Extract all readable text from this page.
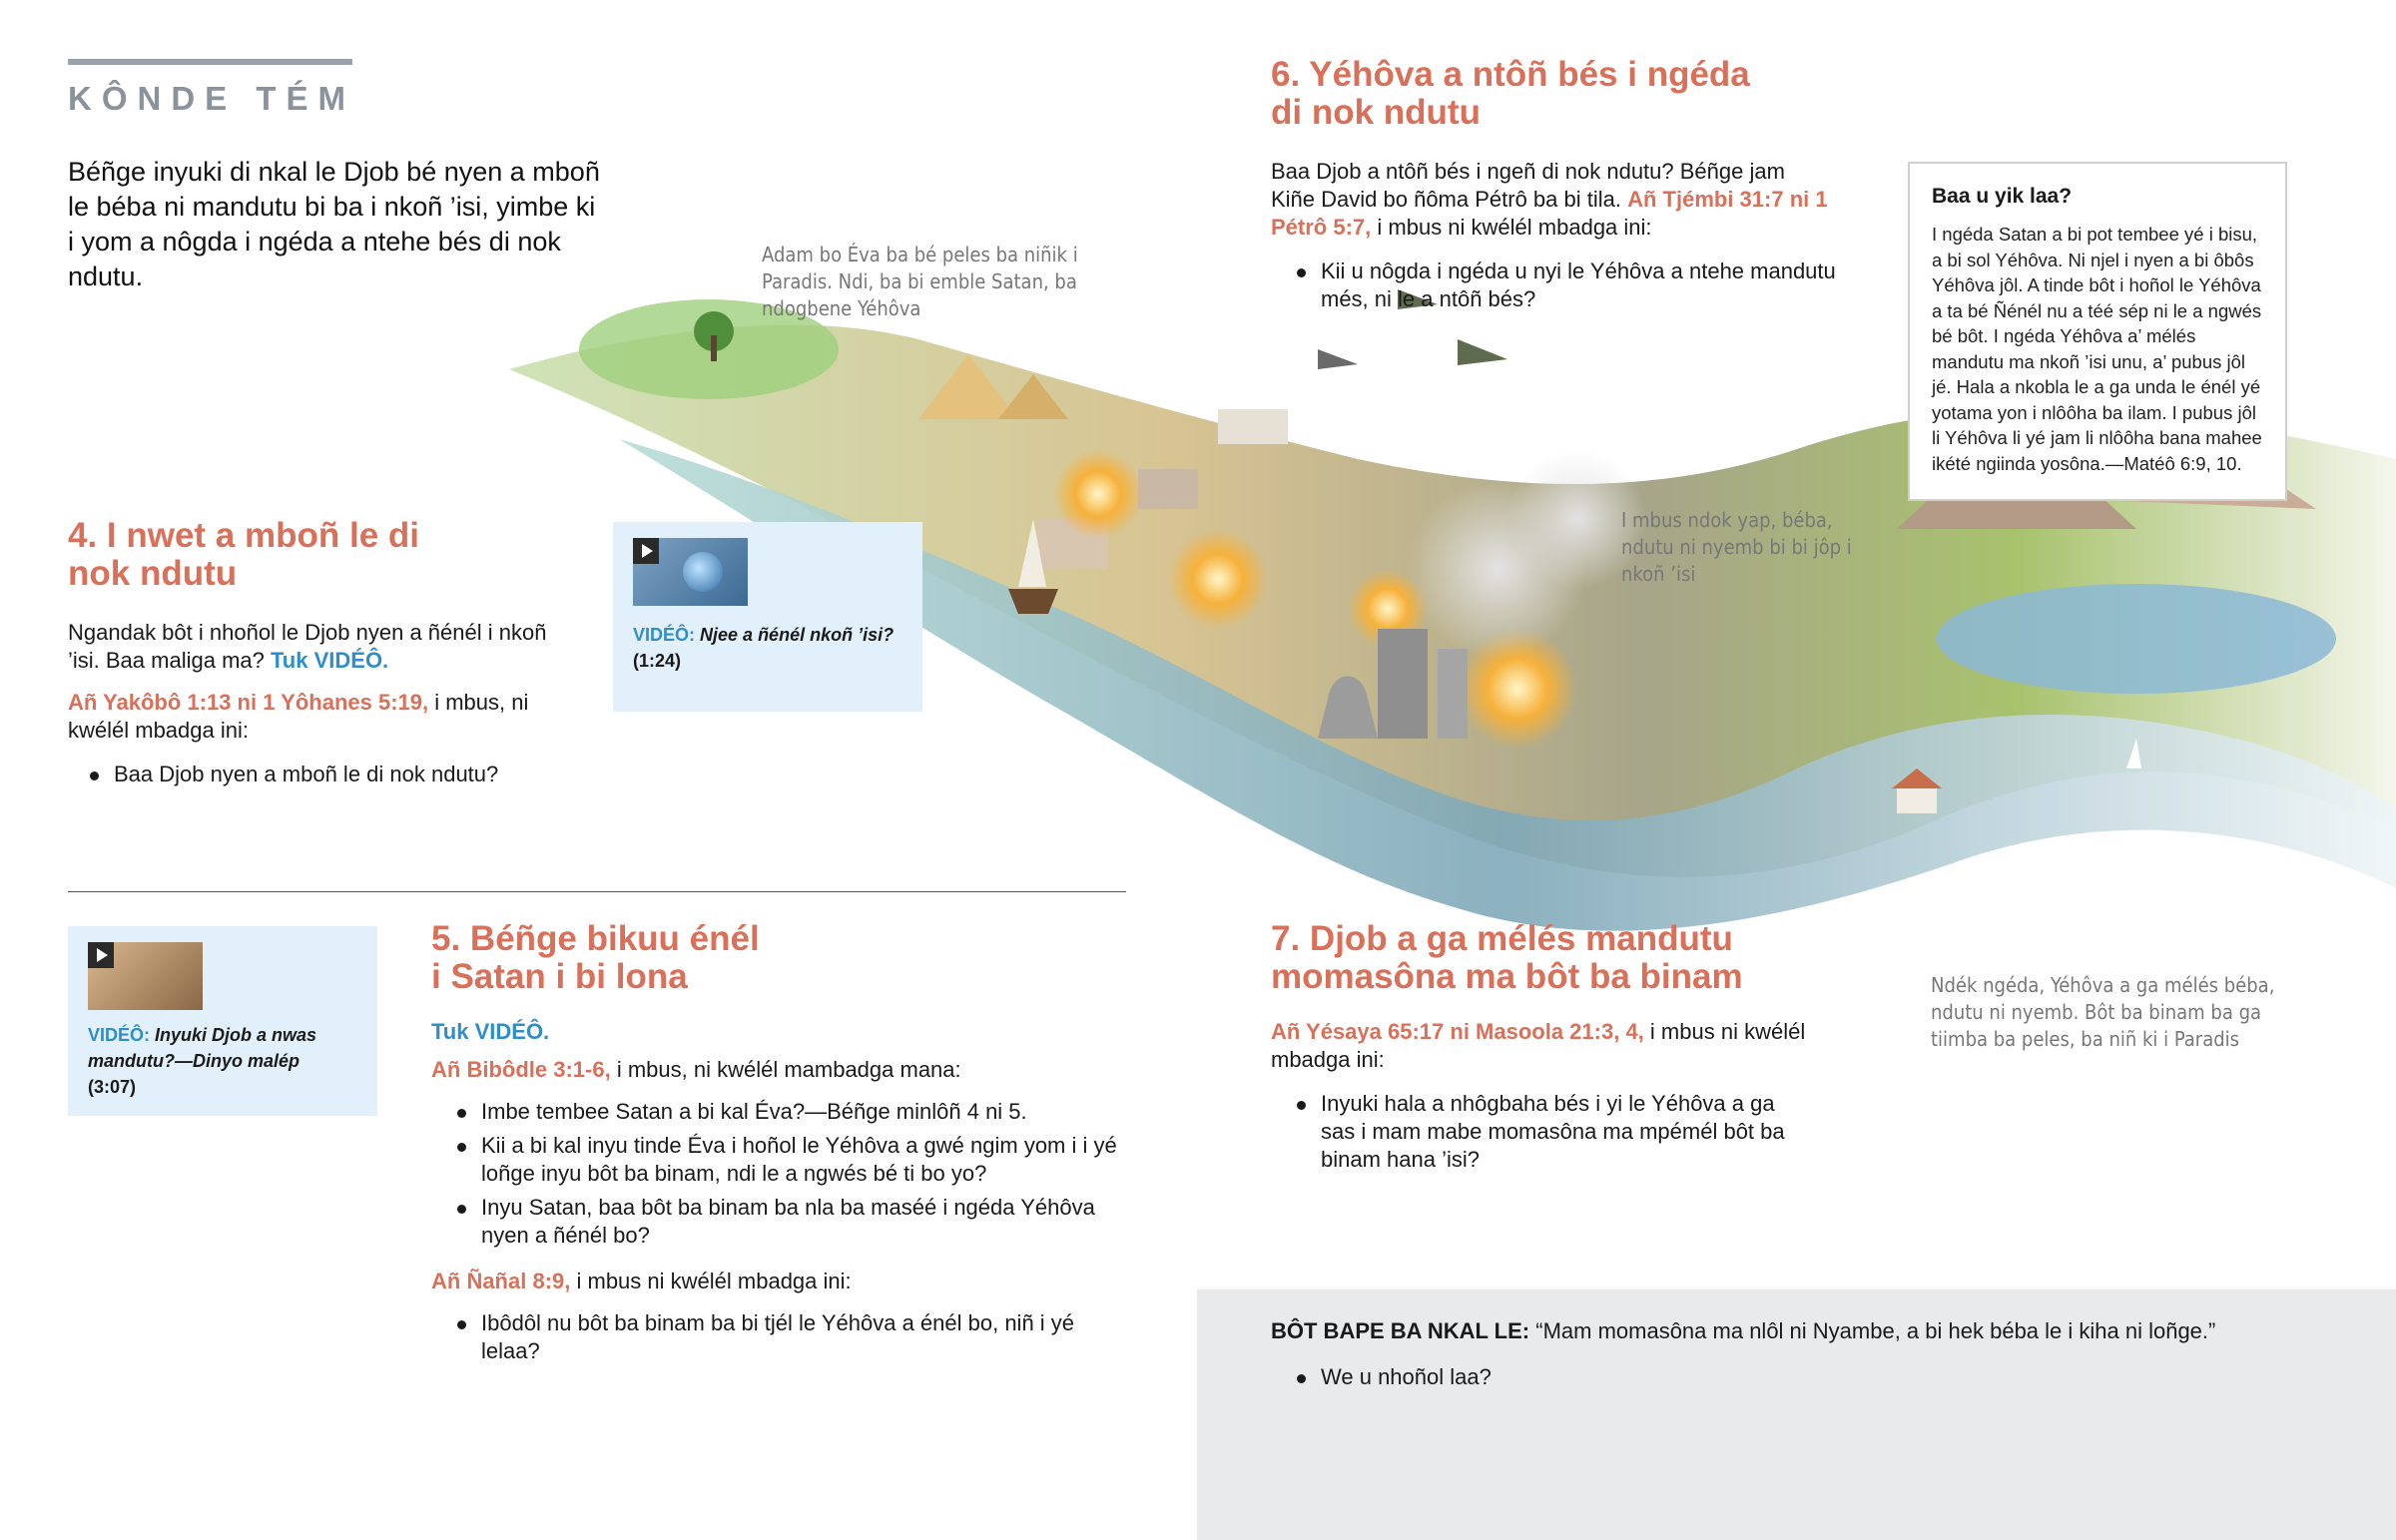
KÔNDE TÉM
Béñge inyuki di nkal le Djob bé nyen a mboñ le béba ni mandutu bi ba i nkoñ ’isi, yimbe ki i yom a nôgda i ngéda a ntehe bés di nok ndutu.
Adam bo Éva ba bé peles ba niñik i Paradis. Ndi, ba bi emble Satan, ba ndogbene Yéhôva
I mbus ndok yap, béba, ndutu ni nyemb bi bi jôp i nkoñ ’isi
Ndék ngéda, Yéhôva a ga mélés béba, ndutu ni nyemb. Bôt ba binam ba ga tiimba ba peles, ba niñ ki i Paradis
4. I nwet a mboñ le di
nok ndutu

Ngandak bôt i nhoñol le Djob nyen a ñénél i nkoñ ’isi. Baa maliga ma? Tuk VIDÉÔ.

Añ Yakôbô 1:13 ni 1 Yôhanes 5:19, i mbus, ni kwélél mbadga ini:

Baa Djob nyen a mboñ le di nok ndutu?
VIDÉÔ: Njee a ñénél nkoñ ’isi?
(1:24)
VIDÉÔ: Inyuki Djob a nwas mandutu?—Dinyo malép
(3:07)
5. Béñge bikuu énél
i Satan i bi lona

Tuk VIDÉÔ.

Añ Bibôdle 3:1-6, i mbus, ni kwélél mambadga mana:

Imbe tembee Satan a bi kal Éva?—Béñge minlôñ 4 ni 5.
Kii a bi kal inyu tinde Éva i hoñol le Yéhôva a gwé ngim yom i i yé loñge inyu bôt ba binam, ndi le a ngwés bé ti bo yo?
Inyu Satan, baa bôt ba binam ba nla ba maséé i ngéda Yéhôva nyen a ñénél bo?

Añ Ñañal 8:9, i mbus ni kwélél mbadga ini:

Ibôdôl nu bôt ba binam ba bi tjél le Yéhôva a énél bo, niñ i yé lelaa?
6. Yéhôva a ntôñ bés i ngéda
di nok ndutu

Baa Djob a ntôñ bés i ngeñ di nok ndutu? Béñge jam Kiñe David bo ñôma Pétrô ba bi tila. Añ Tjémbi 31:7 ni 1 Pétrô 5:7, i mbus ni kwélél mbadga ini:

Kii u nôgda i ngéda u nyi le Yéhôva a ntehe mandutu més, ni le a ntôñ bés?
Baa u yik laa?
I ngéda Satan a bi pot tembee yé i bisu, a bi sol Yéhôva. Ni njel i nyen a bi ôbôs Yéhôva jôl. A tinde bôt i hoñol le Yéhôva a ta bé Ñénél nu a téé sép ni le a ngwés bé bôt. I ngéda Yéhôva a’ mélés mandutu ma nkoñ ’isi unu, a’ pubus jôl jé. Hala a nkobla le a ga unda le énél yé yotama yon i nlôôha ba ilam. I pubus jôl li Yéhôva li yé jam li nlôôha bana mahee ikété ngiinda yosôna.—Matéô 6:9, 10.
7. Djob a ga mélés mandutu
momasôna ma bôt ba binam

Añ Yésaya 65:17 ni Masoola 21:3, 4, i mbus ni kwélél mbadga ini:

Inyuki hala a nhôgbaha bés i yi le Yéhôva a ga sas i mam mabe momasôna ma mpémél bôt ba binam hana ’isi?

BÔT BAPE BA NKAL LE: “Mam momasôna ma nlôl ni Nyambe, a bi hek béba le i kiha ni loñge.”

We u nhoñol laa?
